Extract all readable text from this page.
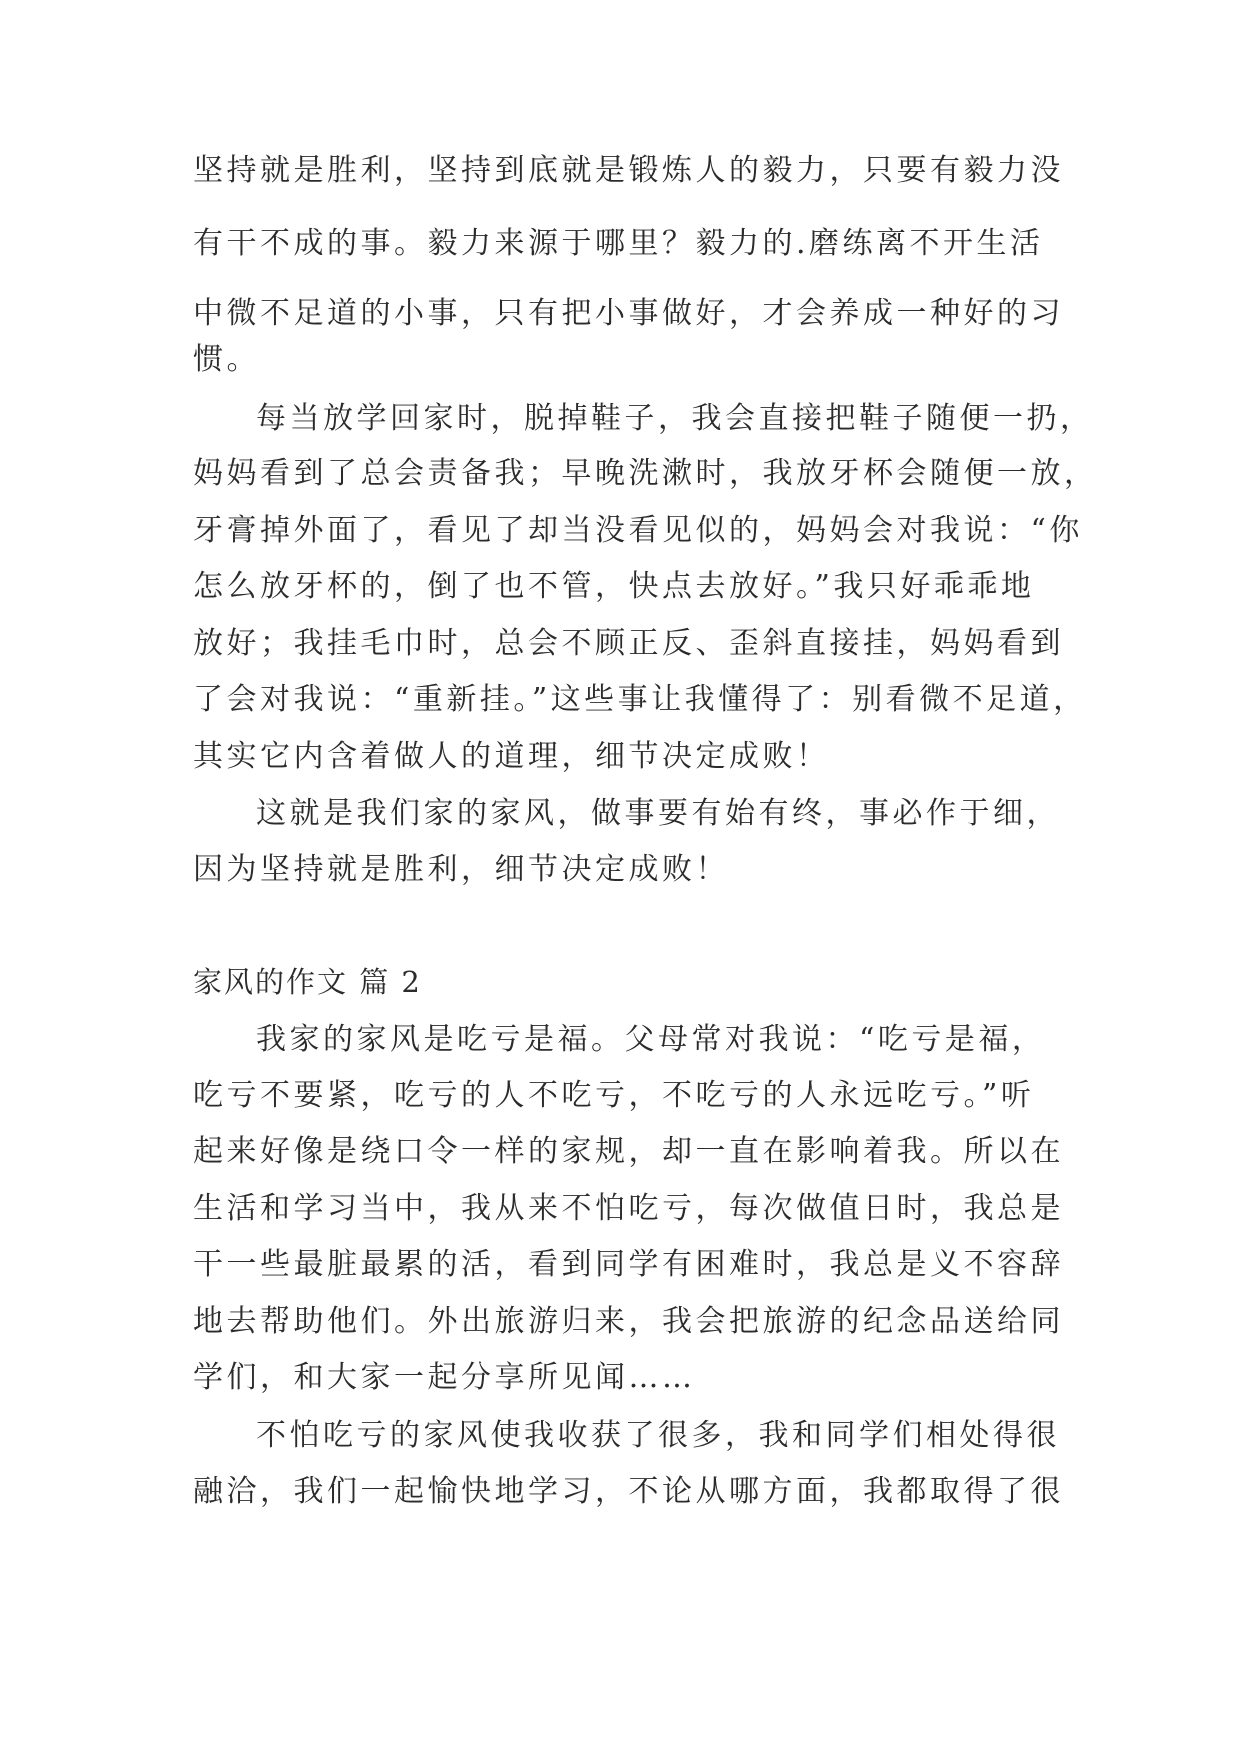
坚持就是胜利，坚持到底就是锻炼人的毅力，只要有毅力没
有干不成的事。毅力来源于哪里？毅力的.磨练离不开生活
中微不足道的小事，只有把小事做好，才会养成一种好的习
惯。
每当放学回家时，脱掉鞋子，我会直接把鞋子随便一扔，
妈妈看到了总会责备我；早晚洗漱时，我放牙杯会随便一放，
牙膏掉外面了，看见了却当没看见似的，妈妈会对我说：“你
怎么放牙杯的，倒了也不管，快点去放好。”我只好乖乖地
放好；我挂毛巾时，总会不顾正反、歪斜直接挂，妈妈看到
了会对我说：“重新挂。”这些事让我懂得了：别看微不足道，
其实它内含着做人的道理，细节决定成败！
这就是我们家的家风，做事要有始有终，事必作于细，
因为坚持就是胜利，细节决定成败！
家风的作文 篇 2
我家的家风是吃亏是福。父母常对我说：“吃亏是福，
吃亏不要紧，吃亏的人不吃亏，不吃亏的人永远吃亏。”听
起来好像是绕口令一样的家规，却一直在影响着我。所以在
生活和学习当中，我从来不怕吃亏，每次做值日时，我总是
干一些最脏最累的活，看到同学有困难时，我总是义不容辞
地去帮助他们。外出旅游归来，我会把旅游的纪念品送给同
学们，和大家一起分享所见闻……
不怕吃亏的家风使我收获了很多，我和同学们相处得很
融洽，我们一起愉快地学习，不论从哪方面，我都取得了很
